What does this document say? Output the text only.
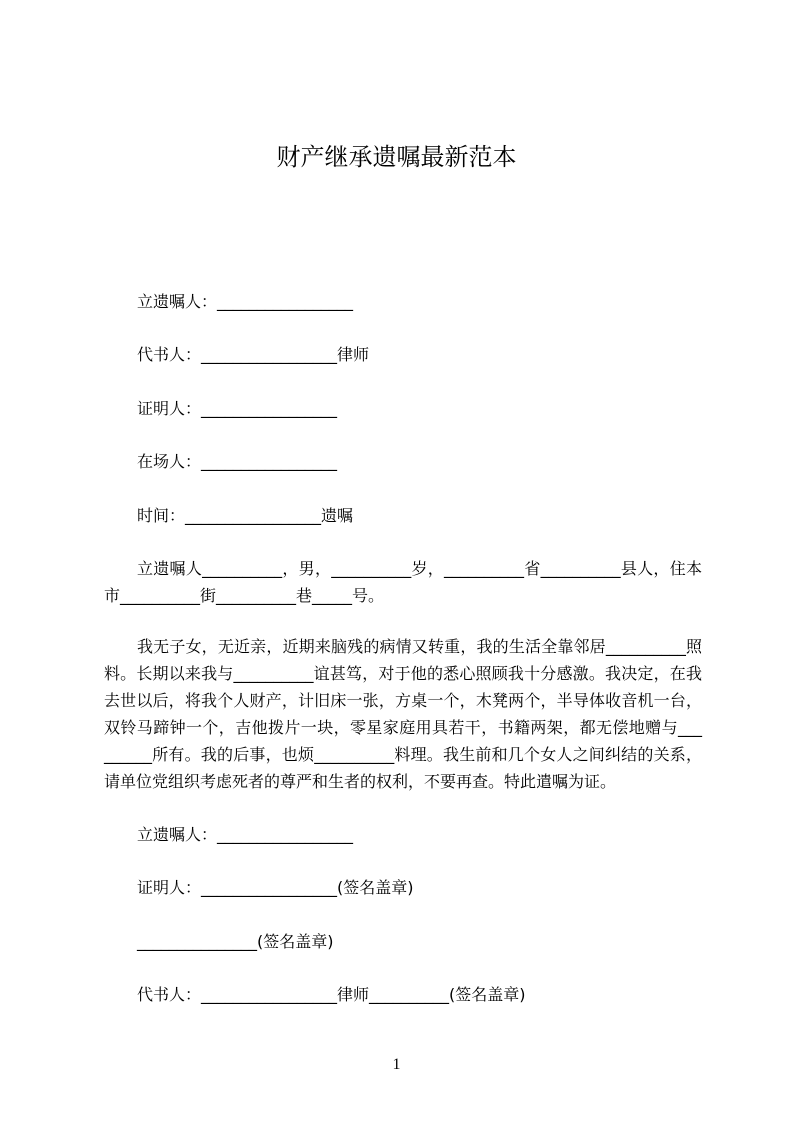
财产继承遗嘱最新范本
立遗嘱人：_________________
代书人：_________________律师
证明人：_________________
在场人：_________________
时间：_________________遗嘱
立遗嘱人__________，男，__________岁，__________省__________县人，住本
市__________街__________巷_____号。
我无子女，无近亲，近期来脑残的病情又转重，我的生活全靠邻居__________照
料。长期以来我与__________谊甚笃，对于他的悉心照顾我十分感激。我决定，在我
去世以后，将我个人财产，计旧床一张，方桌一个，木凳两个，半导体收音机一台，
双铃马蹄钟一个，吉他拨片一块，零星家庭用具若干，书籍两架，都无偿地赠与___
______所有。我的后事，也烦__________料理。我生前和几个女人之间纠结的关系，
请单位党组织考虑死者的尊严和生者的权利，不要再查。特此遣嘱为证。
立遗嘱人：_________________
证明人：_________________(签名盖章)
_______________(签名盖章)
代书人：_________________律师__________(签名盖章)
1
